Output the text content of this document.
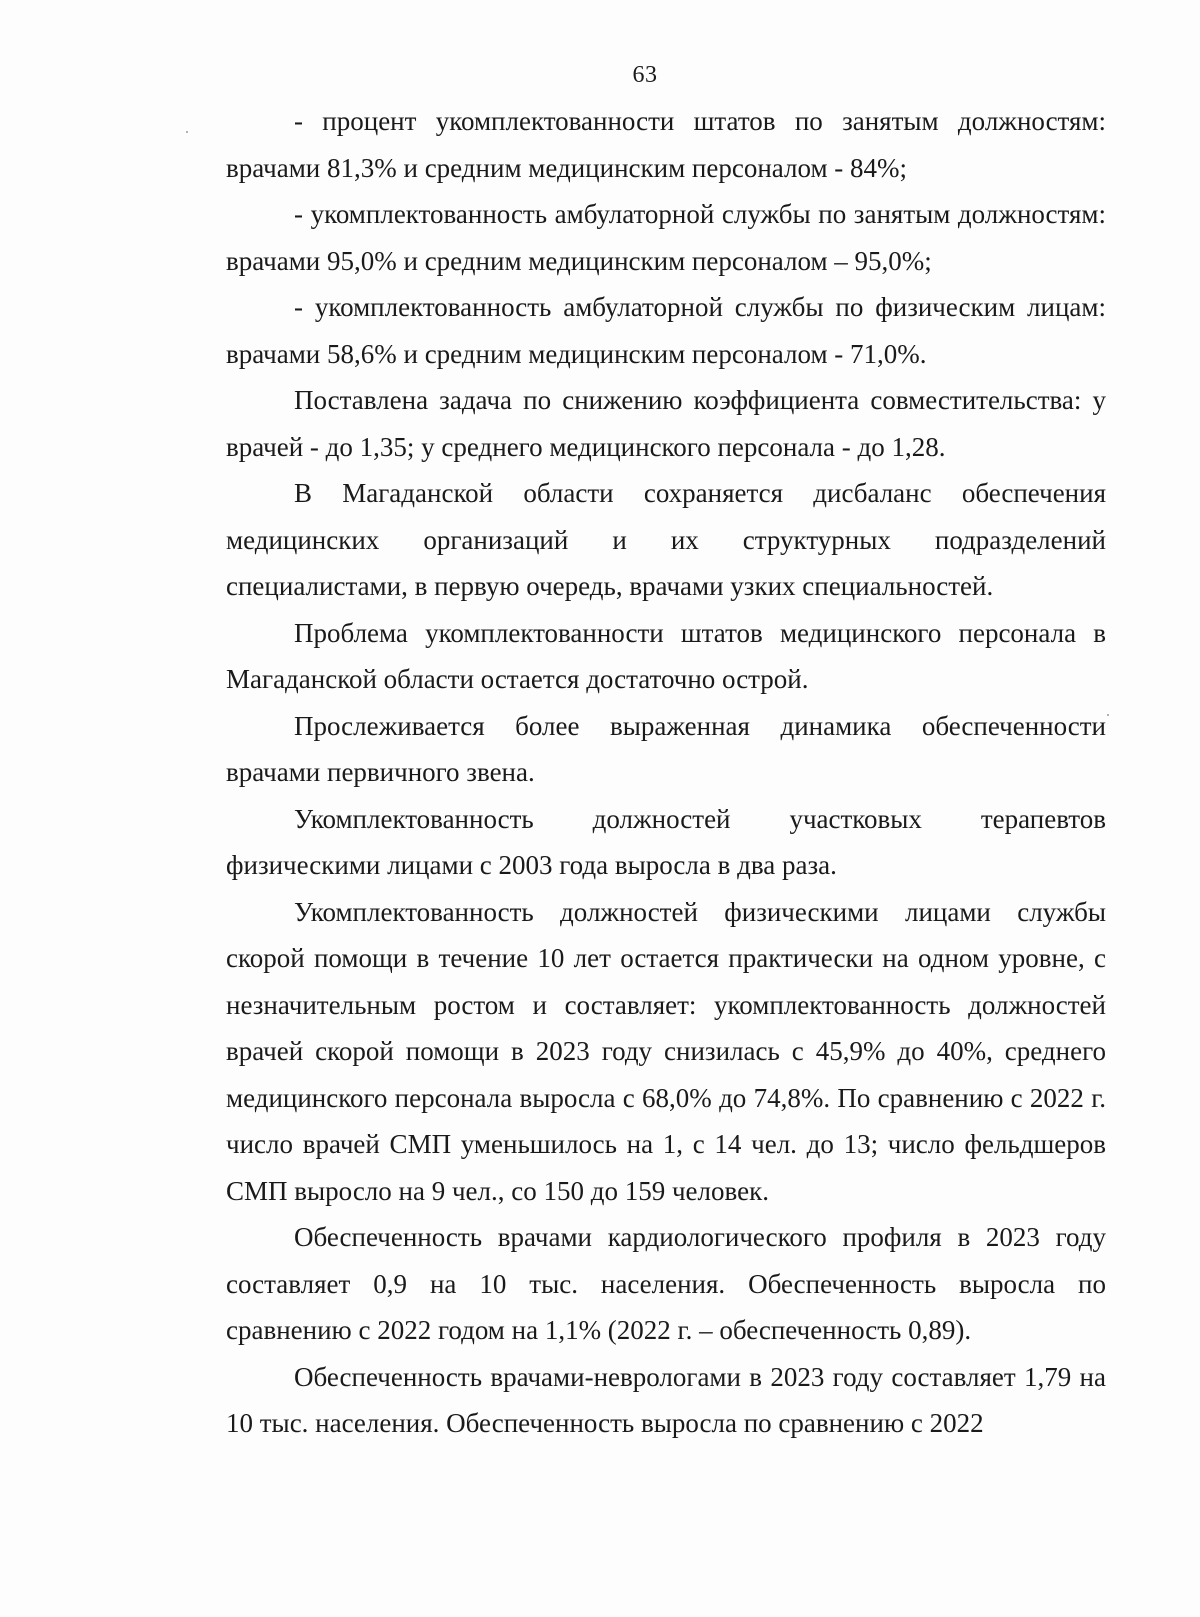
63

- процент укомплектованности штатов по занятым должностям: врачами 81,3% и средним медицинским персоналом - 84%;

- укомплектованность амбулаторной службы по занятым должностям: врачами 95,0% и средним медицинским персоналом – 95,0%;

- укомплектованность амбулаторной службы по физическим лицам: врачами 58,6% и средним медицинским персоналом - 71,0%.

Поставлена задача по снижению коэффициента совместительства: у врачей - до 1,35; у среднего медицинского персонала - до 1,28.

В Магаданской области сохраняется дисбаланс обеспечения медицинских организаций и их структурных подразделений специалистами, в первую очередь, врачами узких специальностей.

Проблема укомплектованности штатов медицинского персонала в Магаданской области остается достаточно острой.

Прослеживается более выраженная динамика обеспеченности врачами первичного звена.

Укомплектованность должностей участковых терапевтов физическими лицами с 2003 года выросла в два раза.

Укомплектованность должностей физическими лицами службы скорой помощи в течение 10 лет остается практически на одном уровне, с незначительным ростом и составляет: укомплектованность должностей врачей скорой помощи в 2023 году снизилась с 45,9% до 40%, среднего медицинского персонала выросла с 68,0% до 74,8%. По сравнению с 2022 г. число врачей СМП уменьшилось на 1, с 14 чел. до 13; число фельдшеров СМП выросло на 9 чел., со 150 до 159 человек.

Обеспеченность врачами кардиологического профиля в 2023 году составляет 0,9 на 10 тыс. населения. Обеспеченность выросла по сравнению с 2022 годом на 1,1% (2022 г. – обеспеченность 0,89).

Обеспеченность врачами-неврологами в 2023 году составляет 1,79 на 10 тыс. населения. Обеспеченность выросла по сравнению с 2022
